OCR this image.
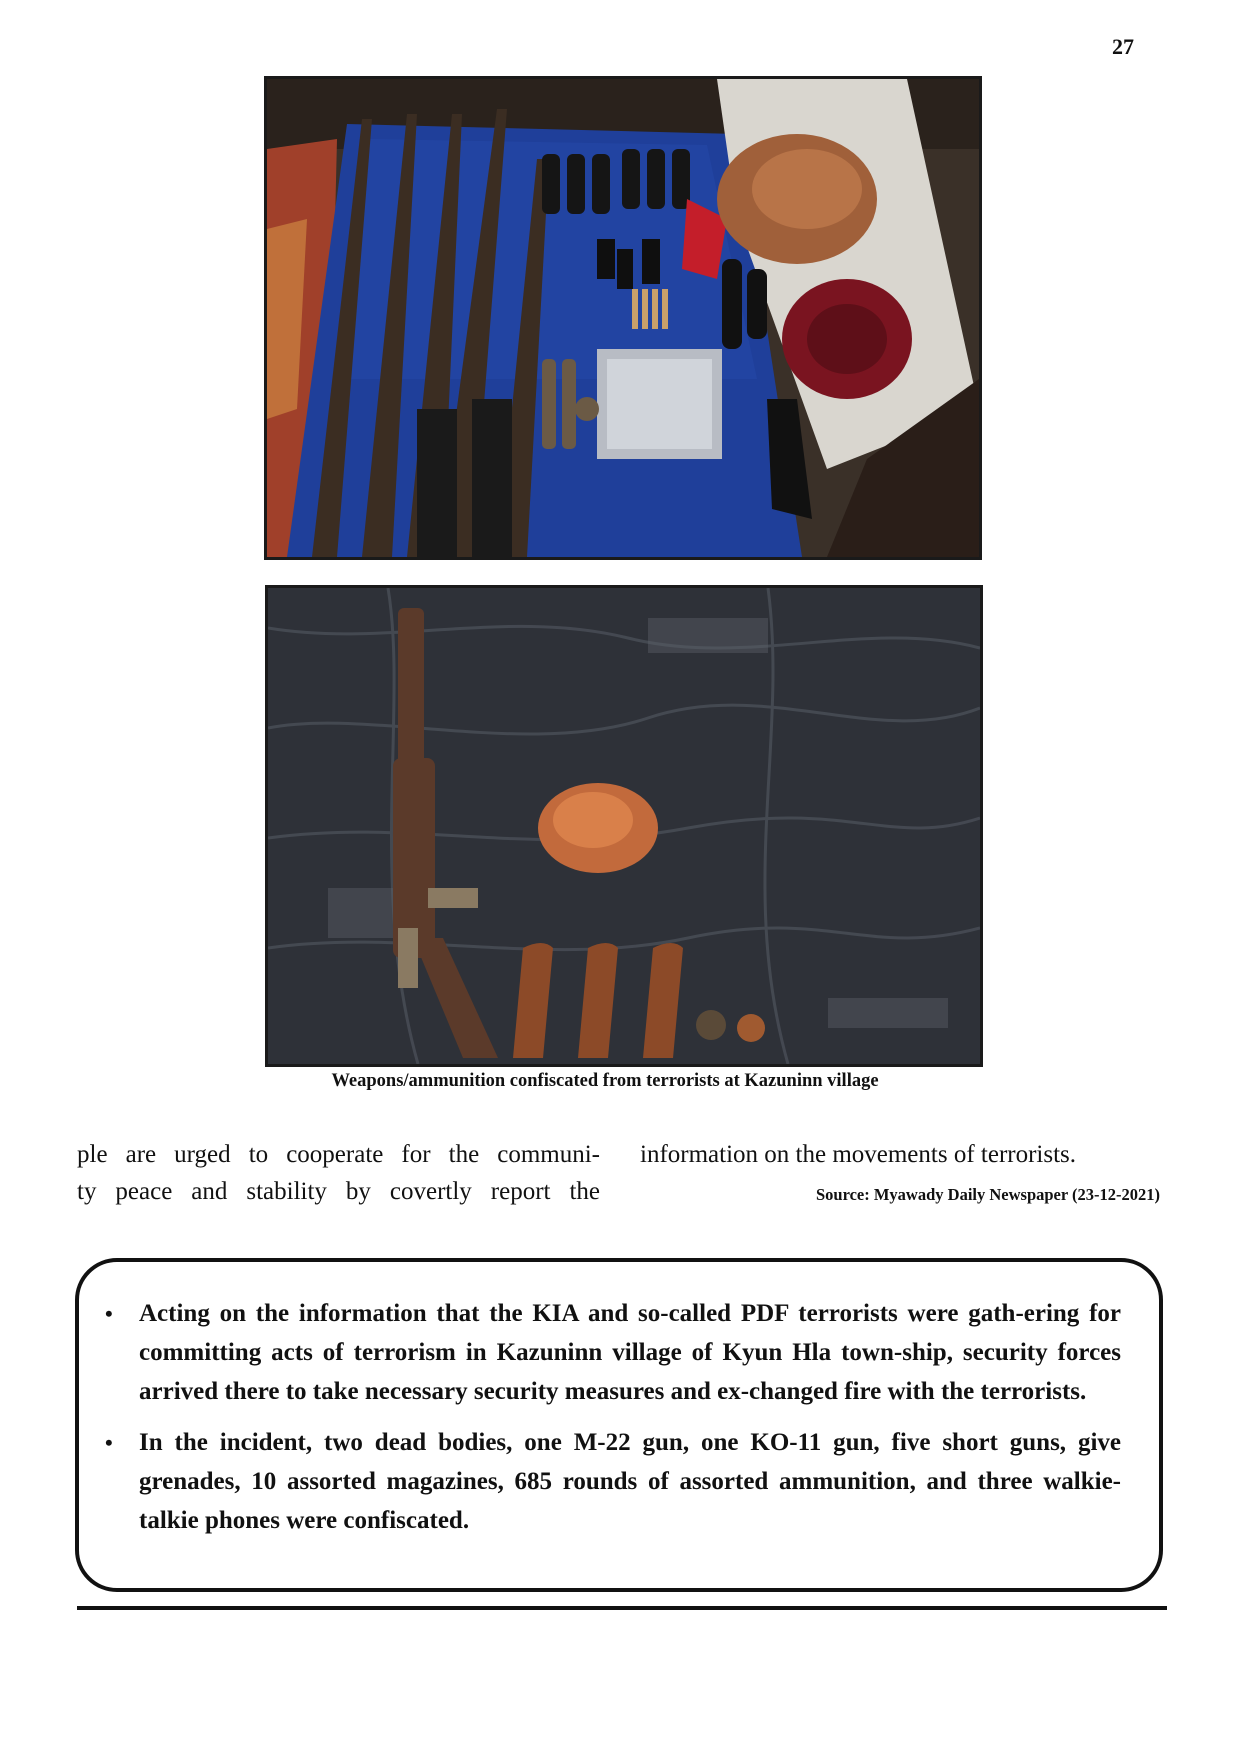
27
Weapons/ammunition confiscated from terrorists at Kazuninn village

ple are urged to cooperate for the communi-

ty peace and stability by covertly report the

information on the movements of terrorists.

Source: Myawady Daily Newspaper (23-12-2021)
• Acting on the information that the KIA and so-called PDF terrorists were gath-ering for committing acts of terrorism in Kazuninn village of Kyun Hla town-ship, security forces arrived there to take necessary security measures and ex-changed fire with the terrorists.
• In the incident, two dead bodies, one M-22 gun, one KO-11 gun, five short guns, give grenades, 10 assorted magazines, 685 rounds of assorted ammunition, and three walkie-talkie phones were confiscated.
